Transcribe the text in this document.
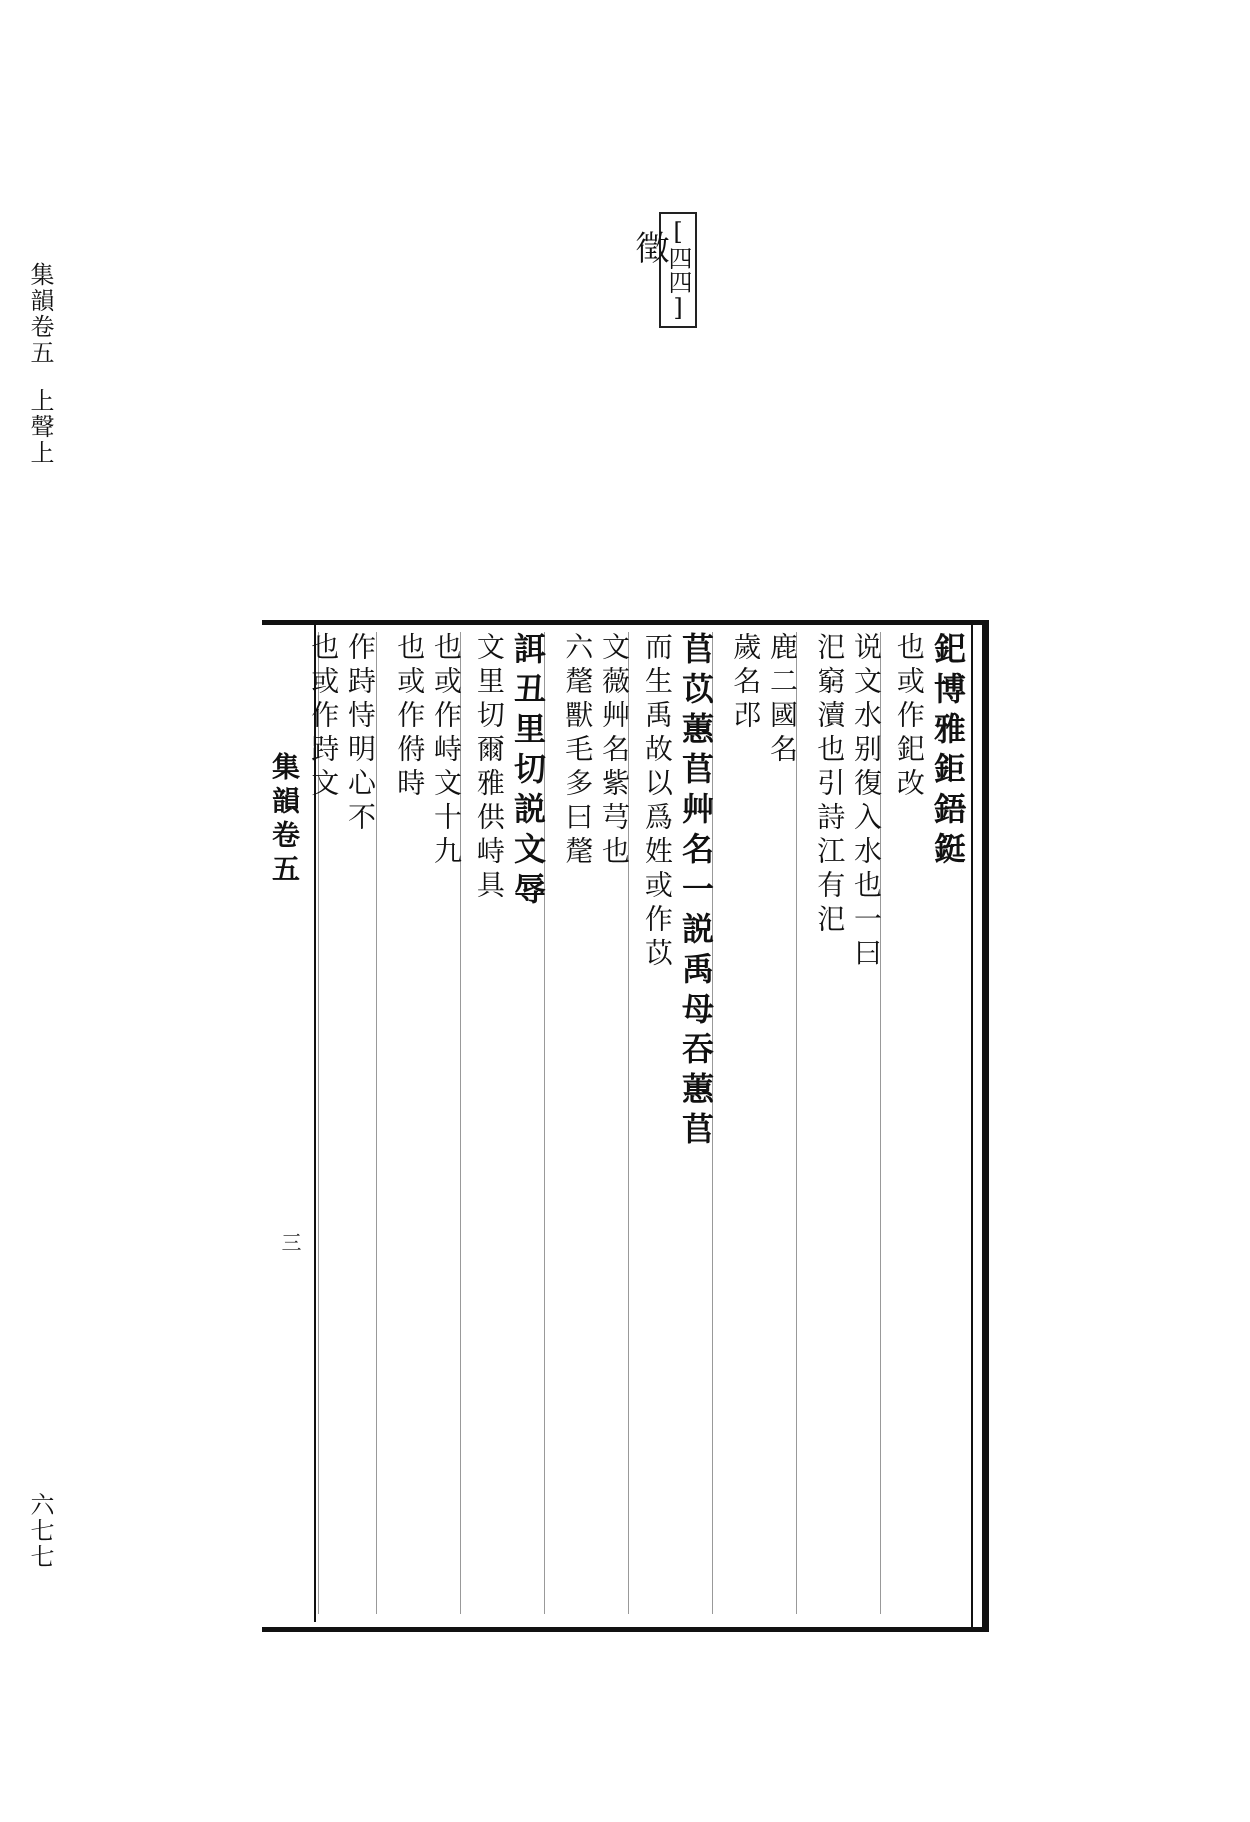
集韻卷五上聲上
六七七
[四四]
徵
集韻卷五
三
釲博雅鉅鋙鋌
也或作釲改
说文水别復入水也一曰
汜窮瀆也引詩江有汜
鹿二國名
歲名邔
苢苡蕙苢艸名一説禹母吞蕙苢
而生禹故以爲姓或作苡
文薇艸名紫芎也
六氂獸毛多曰氂
誀丑里切説文辱
文里切爾雅供峙具
也或作峙文十九
也或作偫時
作跱恃明心不
也或作跱文
